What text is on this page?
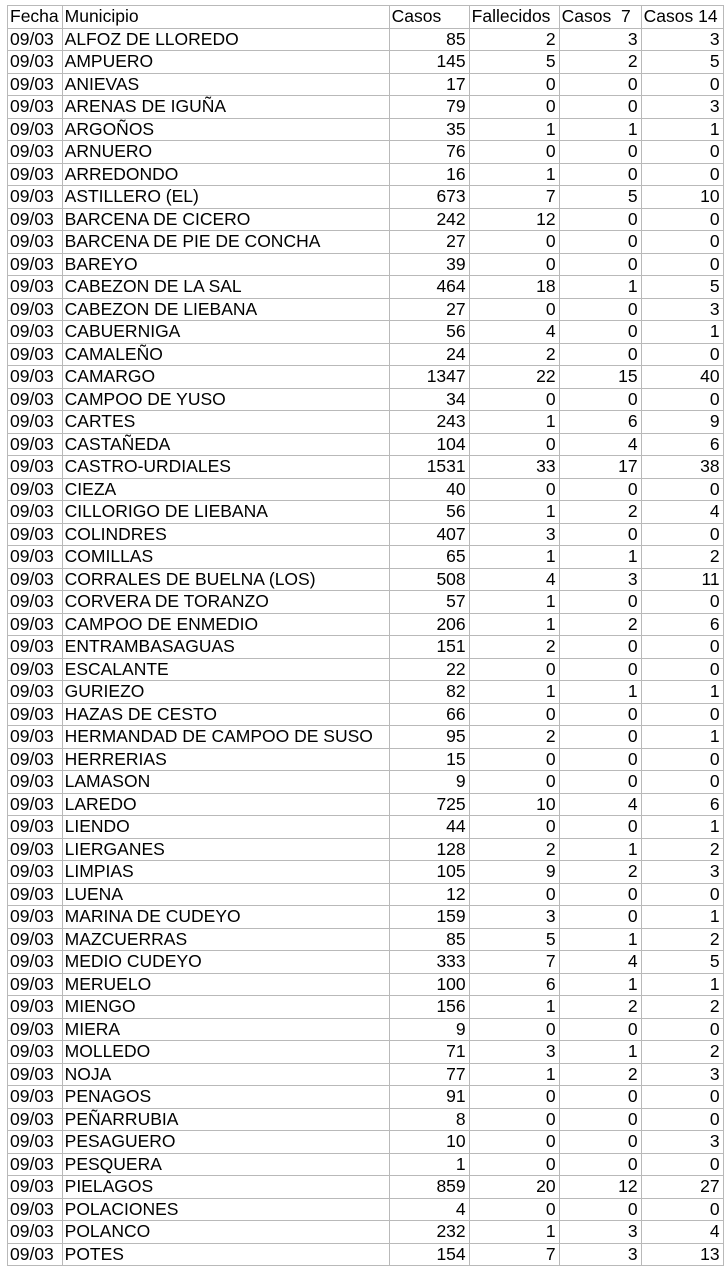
Fecha	Municipio	Casos	Fallecidos	Casos  7	Casos 14
09/03	ALFOZ DE LLOREDO	85	2	3	3
09/03	AMPUERO	145	5	2	5
09/03	ANIEVAS	17	0	0	0
09/03	ARENAS DE IGUÑA	79	0	0	3
09/03	ARGOÑOS	35	1	1	1
09/03	ARNUERO	76	0	0	0
09/03	ARREDONDO	16	1	0	0
09/03	ASTILLERO (EL)	673	7	5	10
09/03	BARCENA DE CICERO	242	12	0	0
09/03	BARCENA DE PIE DE CONCHA	27	0	0	0
09/03	BAREYO	39	0	0	0
09/03	CABEZON DE LA SAL	464	18	1	5
09/03	CABEZON DE LIEBANA	27	0	0	3
09/03	CABUERNIGA	56	4	0	1
09/03	CAMALEÑO	24	2	0	0
09/03	CAMARGO	1347	22	15	40
09/03	CAMPOO DE YUSO	34	0	0	0
09/03	CARTES	243	1	6	9
09/03	CASTAÑEDA	104	0	4	6
09/03	CASTRO-URDIALES	1531	33	17	38
09/03	CIEZA	40	0	0	0
09/03	CILLORIGO DE LIEBANA	56	1	2	4
09/03	COLINDRES	407	3	0	0
09/03	COMILLAS	65	1	1	2
09/03	CORRALES DE BUELNA (LOS)	508	4	3	11
09/03	CORVERA DE TORANZO	57	1	0	0
09/03	CAMPOO DE ENMEDIO	206	1	2	6
09/03	ENTRAMBASAGUAS	151	2	0	0
09/03	ESCALANTE	22	0	0	0
09/03	GURIEZO	82	1	1	1
09/03	HAZAS DE CESTO	66	0	0	0
09/03	HERMANDAD DE CAMPOO DE SUSO	95	2	0	1
09/03	HERRERIAS	15	0	0	0
09/03	LAMASON	9	0	0	0
09/03	LAREDO	725	10	4	6
09/03	LIENDO	44	0	0	1
09/03	LIERGANES	128	2	1	2
09/03	LIMPIAS	105	9	2	3
09/03	LUENA	12	0	0	0
09/03	MARINA DE CUDEYO	159	3	0	1
09/03	MAZCUERRAS	85	5	1	2
09/03	MEDIO CUDEYO	333	7	4	5
09/03	MERUELO	100	6	1	1
09/03	MIENGO	156	1	2	2
09/03	MIERA	9	0	0	0
09/03	MOLLEDO	71	3	1	2
09/03	NOJA	77	1	2	3
09/03	PENAGOS	91	0	0	0
09/03	PEÑARRUBIA	8	0	0	0
09/03	PESAGUERO	10	0	0	3
09/03	PESQUERA	1	0	0	0
09/03	PIELAGOS	859	20	12	27
09/03	POLACIONES	4	0	0	0
09/03	POLANCO	232	1	3	4
09/03	POTES	154	7	3	13
